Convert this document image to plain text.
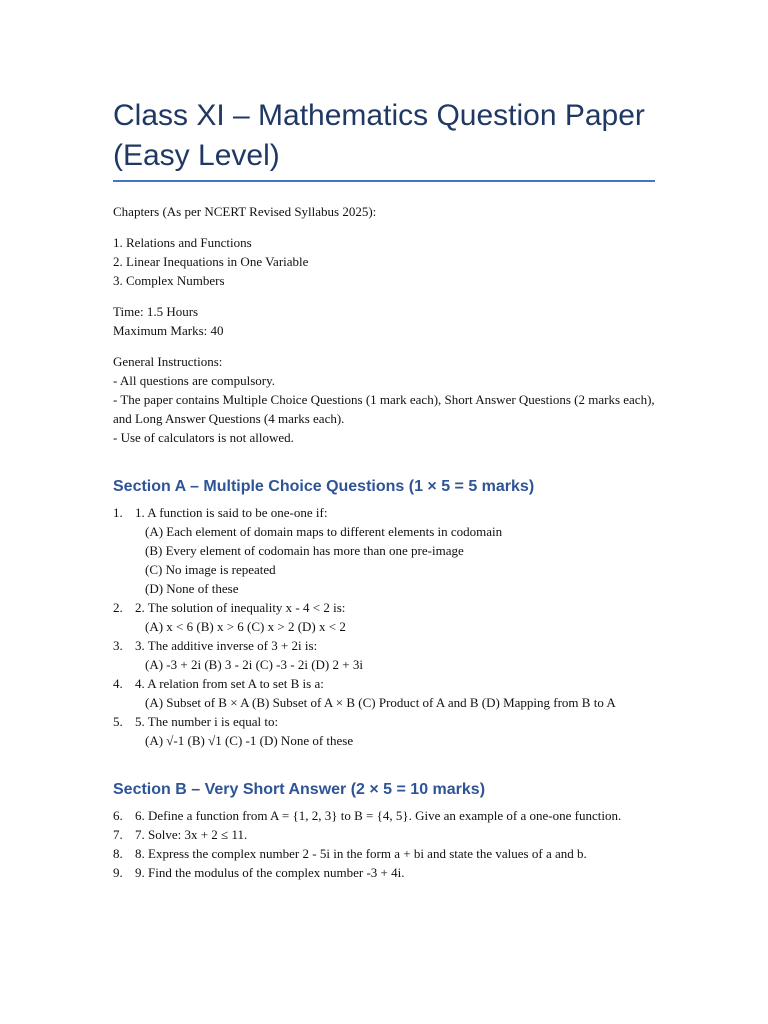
Class XI – Mathematics Question Paper (Easy Level)

Chapters (As per NCERT Revised Syllabus 2025):

1. Relations and Functions

2. Linear Inequations in One Variable

3. Complex Numbers

Time: 1.5 Hours

Maximum Marks: 40

General Instructions:

- All questions are compulsory.

- The paper contains Multiple Choice Questions (1 mark each), Short Answer Questions (2 marks each), and Long Answer Questions (4 marks each).

- Use of calculators is not allowed.

Section A – Multiple Choice Questions (1 × 5 = 5 marks)
1. 1. A function is said to be one-one if:

(A) Each element of domain maps to different elements in codomain

(B) Every element of codomain has more than one pre-image

(C) No image is repeated

(D) None of these

2. 2. The solution of inequality x - 4 < 2 is:

(A) x < 6 (B) x > 6 (C) x > 2 (D) x < 2

3. 3. The additive inverse of 3 + 2i is:

(A) -3 + 2i (B) 3 - 2i (C) -3 - 2i (D) 2 + 3i

4. 4. A relation from set A to set B is a:

(A) Subset of B × A (B) Subset of A × B (C) Product of A and B (D) Mapping from B to A

5. 5. The number i is equal to:

(A) √-1 (B) √1 (C) -1 (D) None of these

Section B – Very Short Answer (2 × 5 = 10 marks)
6. 6. Define a function from A = {1, 2, 3} to B = {4, 5}. Give an example of a one-one function.

7. 7. Solve: 3x + 2 ≤ 11.

8. 8. Express the complex number 2 - 5i in the form a + bi and state the values of a and b.

9. 9. Find the modulus of the complex number -3 + 4i.
